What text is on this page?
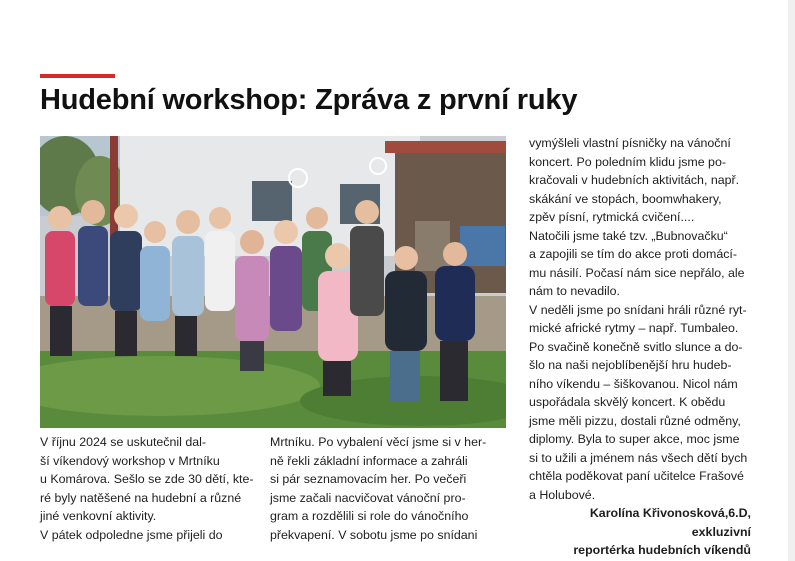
Hudební workshop: Zpráva z první ruky

V říjnu 2024 se uskutečnil dal-

ší víkendový workshop v Mrtníku

u Komárova. Sešlo se zde 30 dětí, kte-

ré byly natěšené na hudební a různé

jiné venkovní aktivity.

V pátek odpoledne jsme přijeli do

Mrtníku. Po vybalení věcí jsme si v her-

ně řekli základní informace a zahráli

si pár seznamovacím her. Po večeři

jsme začali nacvičovat vánoční pro-

gram a rozdělili si role do vánočního

překvapení. V sobotu jsme po snídani

vymýšleli vlastní písničky na vánoční

koncert. Po poledním klidu jsme po-

kračovali v hudebních aktivitách, např.

skákání ve stopách, boomwhakery,

zpěv písní, rytmická cvičení....

Natočili jsme také tzv. „Bubnovačku“

a zapojili se tím do akce proti domácí-

mu násilí. Počasí nám sice nepřálo, ale

nám to nevadilo.

V neděli jsme po snídani hráli různé ryt-

mické africké rytmy – např. Tumbaleo.

Po svačině konečně svitlo slunce a do-

šlo na naši nejoblíbenější hru hudeb-

ního víkendu – šiškovanou. Nicol nám

uspořádala skvělý koncert. K obědu

jsme měli pizzu, dostali různé odměny,

diplomy. Byla to super akce, moc jsme

si to užili a jménem nás všech dětí bych

chtěla poděkovat paní učitelce Frašové

a Holubové.

Karolína Křivonosková,6.D, exkluzivní

reportérka hudebních víkendů
